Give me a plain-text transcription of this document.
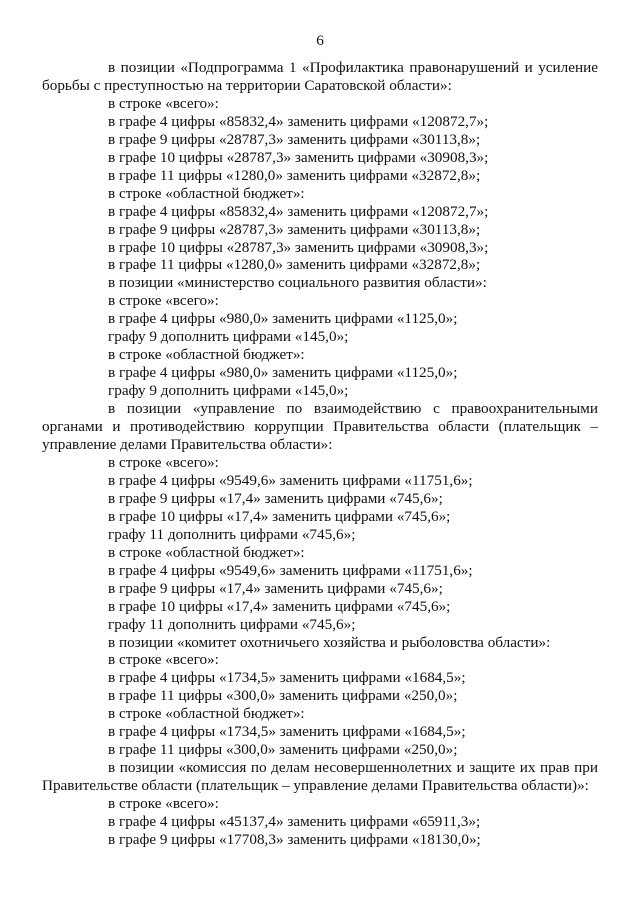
6
в позиции «Подпрограмма 1 «Профилактика правонарушений и усиление борьбы с преступностью на территории Саратовской области»:
в строке «всего»:
в графе 4 цифры «85832,4» заменить цифрами «120872,7»;
в графе 9 цифры «28787,3» заменить цифрами «30113,8»;
в графе 10 цифры «28787,3» заменить цифрами «30908,3»;
в графе 11 цифры «1280,0» заменить цифрами «32872,8»;
в строке «областной бюджет»:
в графе 4 цифры «85832,4» заменить цифрами «120872,7»;
в графе 9 цифры «28787,3» заменить цифрами «30113,8»;
в графе 10 цифры «28787,3» заменить цифрами «30908,3»;
в графе 11 цифры «1280,0» заменить цифрами «32872,8»;
в позиции «министерство социального развития области»:
в строке «всего»:
в графе 4 цифры «980,0» заменить цифрами «1125,0»;
графу 9 дополнить цифрами «145,0»;
в строке «областной бюджет»:
в графе 4 цифры «980,0» заменить цифрами «1125,0»;
графу 9 дополнить цифрами «145,0»;
в позиции «управление по взаимодействию с правоохранительными органами и противодействию коррупции Правительства области (плательщик – управление делами Правительства области»:
в строке «всего»:
в графе 4 цифры «9549,6» заменить цифрами «11751,6»;
в графе 9 цифры «17,4» заменить цифрами «745,6»;
в графе 10 цифры «17,4» заменить цифрами «745,6»;
графу 11 дополнить цифрами «745,6»;
в строке «областной бюджет»:
в графе 4 цифры «9549,6» заменить цифрами «11751,6»;
в графе 9 цифры «17,4» заменить цифрами «745,6»;
в графе 10 цифры «17,4» заменить цифрами «745,6»;
графу 11 дополнить цифрами «745,6»;
в позиции «комитет охотничьего хозяйства и рыболовства области»:
в строке «всего»:
в графе 4 цифры «1734,5» заменить цифрами «1684,5»;
в графе 11 цифры «300,0» заменить цифрами «250,0»;
в строке «областной бюджет»:
в графе 4 цифры «1734,5» заменить цифрами «1684,5»;
в графе 11 цифры «300,0» заменить цифрами «250,0»;
в позиции «комиссия по делам несовершеннолетних и защите их прав при Правительстве области (плательщик – управление делами Правительства области)»:
в строке «всего»:
в графе 4 цифры «45137,4» заменить цифрами «65911,3»;
в графе 9 цифры «17708,3» заменить цифрами «18130,0»;
